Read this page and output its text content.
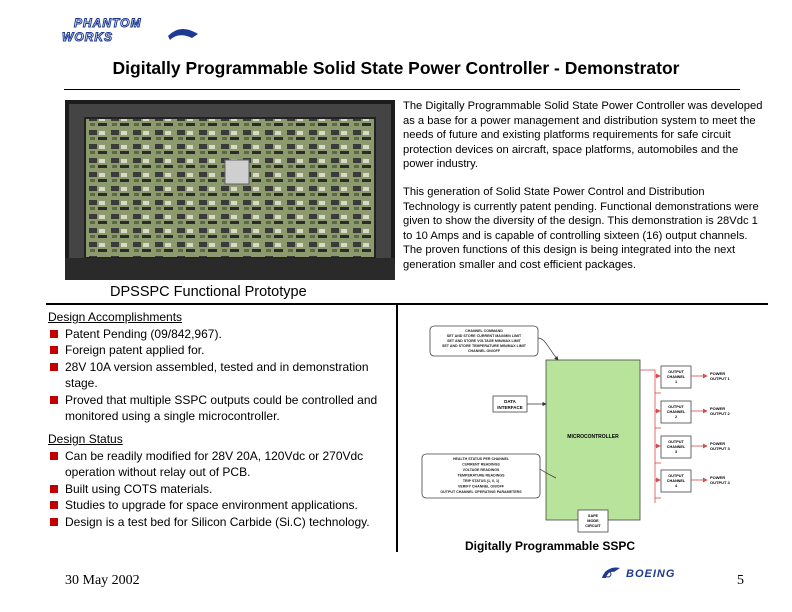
PHANTOM
WORKS
Digitally Programmable Solid State Power Controller - Demonstrator
DPSSPC Functional Prototype
The Digitally Programmable Solid State Power Controller was developed as a base for a power management and distribution system to meet the needs of future and existing platforms requirements for safe circuit protection devices on aircraft, space platforms, automobiles and the power industry.
This generation of Solid State Power Control and Distribution Technology is currently patent pending. Functional demonstrations were given to show the diversity of the design. This demonstration is 28Vdc 1 to 10 Amps and is capable of controlling sixteen (16) output channels. The proven functions of this design is being integrated into the next generation smaller and cost efficient packages.
Design Accomplishments
Patent Pending (09/842,967).
Foreign patent applied for.
28V 10A version assembled, tested and in demonstration stage.
Proved that multiple SSPC outputs could be controlled and monitored using a single microcontroller.
Design Status
Can be readily modified for 28V 20A, 120Vdc or 270Vdc operation without relay out of PCB.
Built using COTS materials.
Studies to upgrade for space environment applications.
Design is a test bed for Silicon Carbide (Si.C) technology.
CHANNEL COMMAND
SET AND STORE CURRENT MAX/MIN LIMIT
SET AND STORE VOLTAGE MIN/MAX LIMIT
SET AND STORE TEMPERATURE MIN/MAX LIMIT
CHANNEL ON/OFF
DATA
INTERFACE
MICROCONTROLLER
HEALTH STATUS PER CHANNEL
CURRENT READINGS
VOLTAGE READINGS
TEMPERATURE READINGS
TRIP STATUS (1, 0, 1)
VERIFY CHANNEL ON/OFF
OUTPUT CHANNEL OPERATING PARAMETERS
SAFE
MODE
CIRCUIT
OUTPUT
CHANNEL
1
POWER
OUTPUT 1
OUTPUT
CHANNEL
2
POWER
OUTPUT 2
OUTPUT
CHANNEL
3
POWER
OUTPUT 3
OUTPUT
CHANNEL
4
POWER
OUTPUT 4
Digitally Programmable SSPC
30 May 2002	BOEING	5
